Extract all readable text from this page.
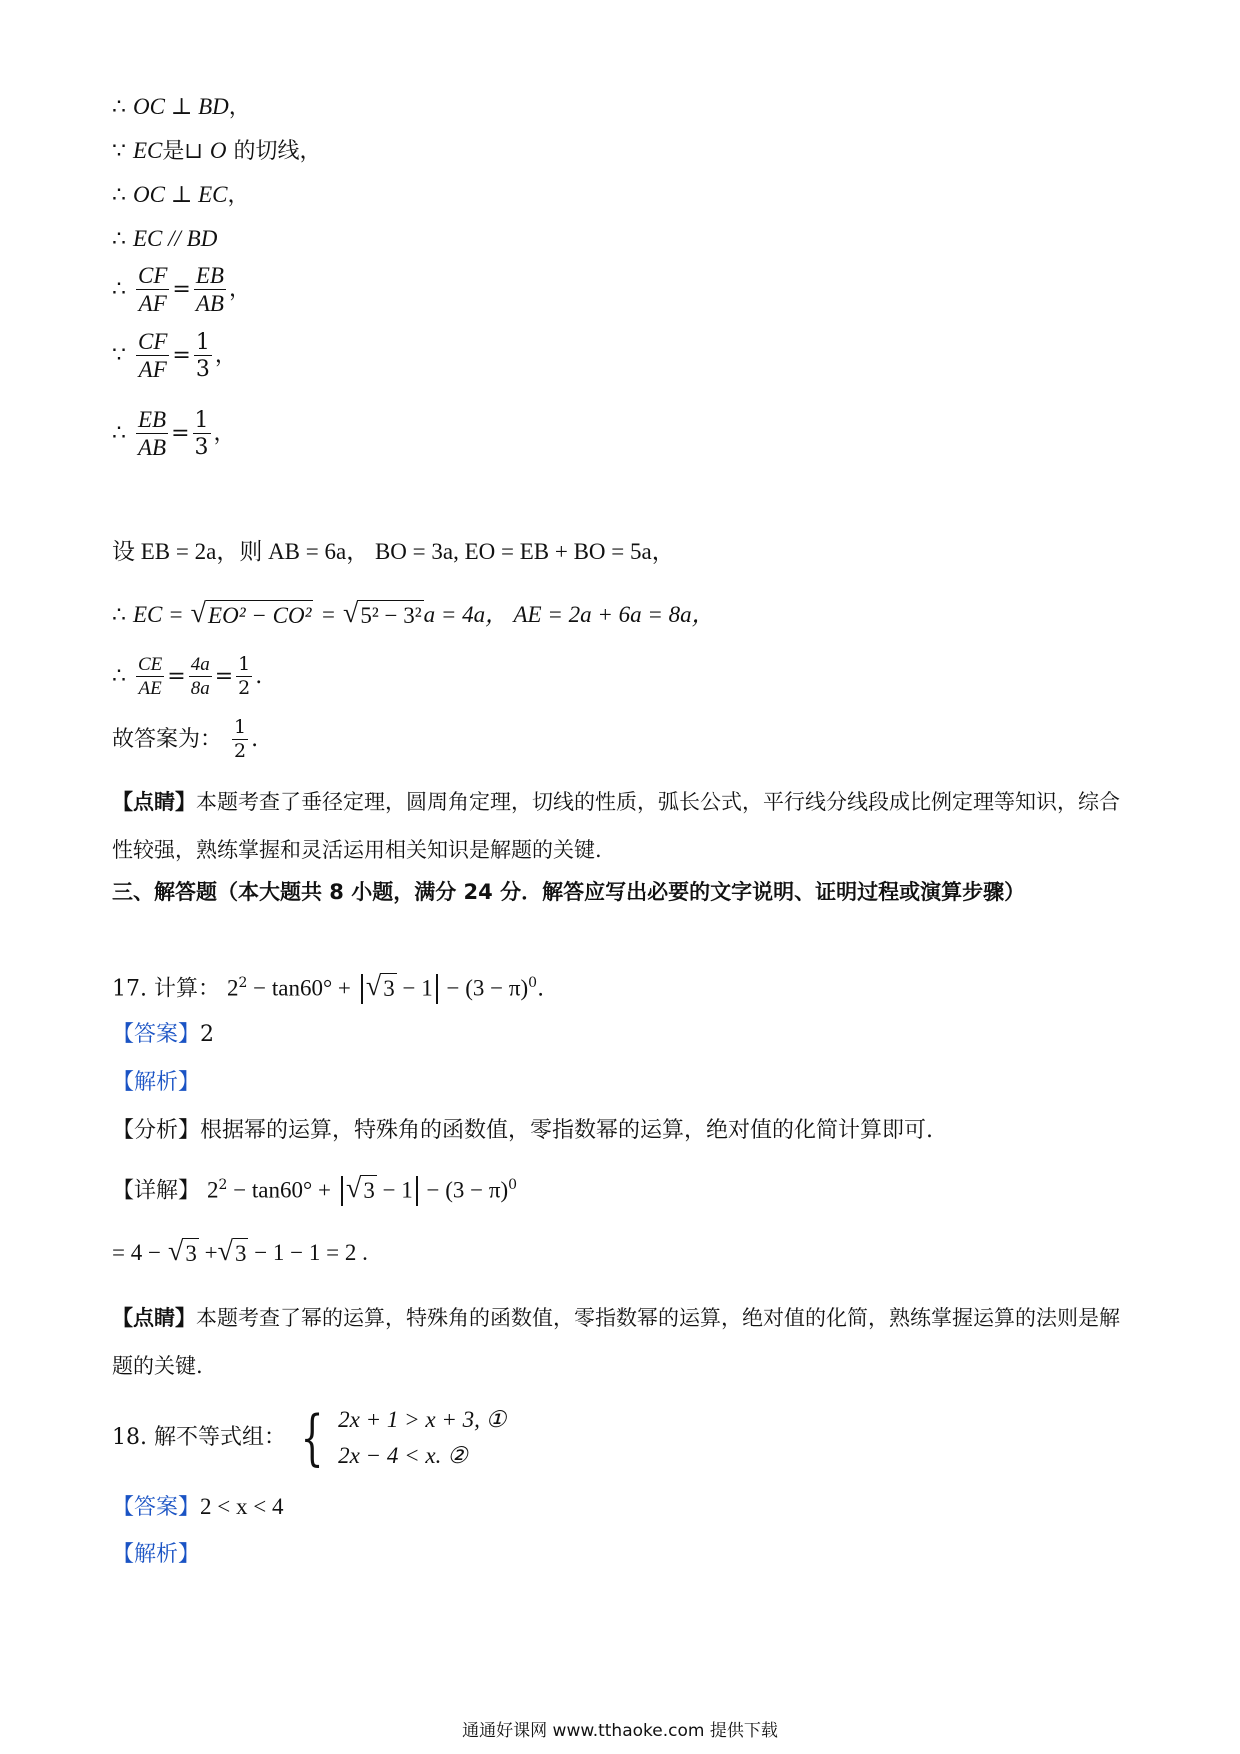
∴ OC ⊥ BD，
∵ EC是⊔ O 的切线，
∴ OC ⊥ EC，
∴ EC // BD
∴ $\frac{CF}{AF} = \frac{EB}{AB}$ ，
∵ $\frac{CF}{AF} = \frac{1}{3}$ ，
∴ $\frac{EB}{AB} = \frac{1}{3}$ ，
设 EB = 2a，则 AB = 6a， BO = 3a, EO = EB + BO = 5a，
∴ EC = √ EO² − CO² = √ 5² − 3² a = 4a， AE = 2a + 6a = 8a，
∴ $\frac{CE}{AE} = \frac{4a}{8a} = \frac{1}{2}$ .
故答案为： $\frac{1}{2}$ .
【点睛】本题考查了垂径定理，圆周角定理，切线的性质，弧长公式，平行线分线段成比例定理等知识，综合性较强，熟练掌握和灵活运用相关知识是解题的关键.
三、解答题（本大题共 8 小题，满分 24 分．解答应写出必要的文字说明、证明过程或演算步骤）
17. 计算： $2^2 - \tan 60^\circ$ + √ $3 - 1 - (3 - \pi)^0$.
【答案】2
【解析】
【分析】根据幂的运算，特殊角的函数值，零指数幂的运算，绝对值的化简计算即可.
【详解】 $2^2 - \tan 60^\circ$ + √ $3 - 1 - (3 - \pi)^0$
= 4 − √ 3 + √ 3 − 1 − 1 = 2 .
【点睛】本题考查了幂的运算，特殊角的函数值，零指数幂的运算，绝对值的化简，熟练掌握运算的法则是解题的关键.
18. 解不等式组： { 2x + 1 > x + 3, ①
2x − 4 < x. ②
【答案】2 < x < 4
【解析】
通通好课网 www.tthaoke.com 提供下载
